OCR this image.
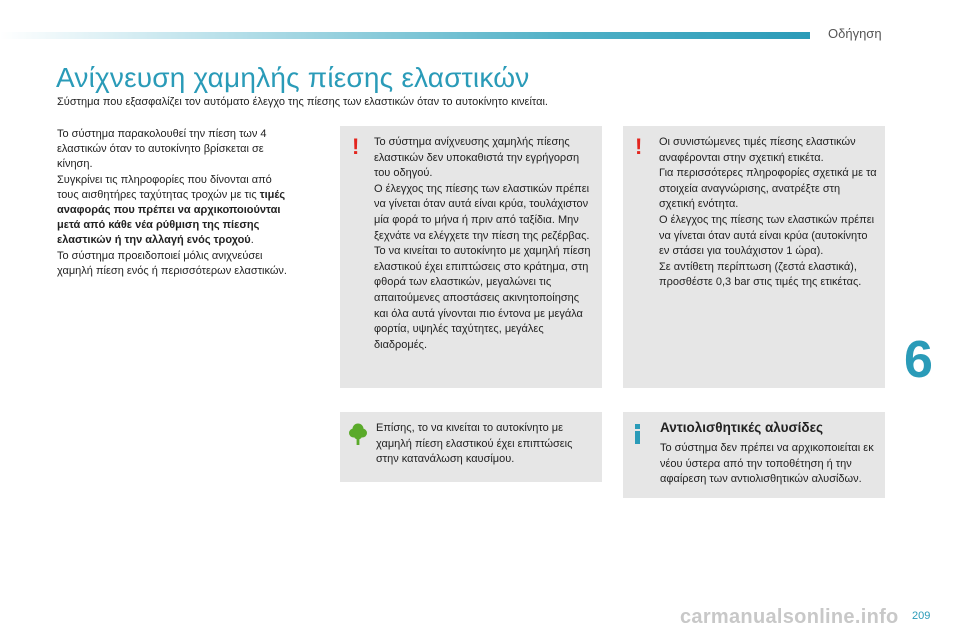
Οδήγηση
Ανίχνευση χαμηλής πίεσης ελαστικών
Σύστημα που εξασφαλίζει τον αυτόματο έλεγχο της πίεσης των ελαστικών όταν το αυτοκίνητο κινείται.

Το σύστημα παρακολουθεί την πίεση των 4 ελαστικών όταν το αυτοκίνητο βρίσκεται σε κίνηση.

Συγκρίνει τις πληροφορίες που δίνονται από τους αισθητήρες ταχύτητας τροχών με τις τιμές αναφοράς που πρέπει να αρχικοποιούνται μετά από κάθε νέα ρύθμιση της πίεσης ελαστικών ή την αλλαγή ενός τροχού.

Το σύστημα προειδοποιεί μόλις ανιχνεύσει χαμηλή πίεση ενός ή περισσότερων ελαστικών.

! Το σύστημα ανίχνευσης χαμηλής πίεσης ελαστικών δεν υποκαθιστά την εγρήγορση του οδηγού.

Ο έλεγχος της πίεσης των ελαστικών πρέπει να γίνεται όταν αυτά είναι κρύα, τουλάχιστον μία φορά το μήνα ή πριν από ταξίδια. Μην ξεχνάτε να ελέγχετε την πίεση της ρεζέρβας.

Το να κινείται το αυτοκίνητο με χαμηλή πίεση ελαστικού έχει επιπτώσεις στο κράτημα, στη φθορά των ελαστικών, μεγαλώνει τις απαιτούμενες αποστάσεις ακινητοποίησης και όλα αυτά γίνονται πιο έντονα με μεγάλα φορτία, υψηλές ταχύτητες, μεγάλες διαδρομές.

! Οι συνιστώμενες τιμές πίεσης ελαστικών αναφέρονται στην σχετική ετικέτα.

Για περισσότερες πληροφορίες σχετικά με τα στοιχεία αναγνώρισης, ανατρέξτε στη σχετική ενότητα.

Ο έλεγχος της πίεσης των ελαστικών πρέπει να γίνεται όταν αυτά είναι κρύα (αυτοκίνητο εν στάσει για τουλάχιστον 1 ώρα).

Σε αντίθετη περίπτωση (ζεστά ελαστικά), προσθέστε 0,3 bar στις τιμές της ετικέτας.

Επίσης, το να κινείται το αυτοκίνητο με χαμηλή πίεση ελαστικού έχει επιπτώσεις στην κατανάλωση καυσίμου.
Αντιολισθητικές αλυσίδες
Το σύστημα δεν πρέπει να αρχικοποιείται εκ νέου ύστερα από την τοποθέτηση ή την αφαίρεση των αντιολισθητικών αλυσίδων.
6
carmanualsonline.info 209
